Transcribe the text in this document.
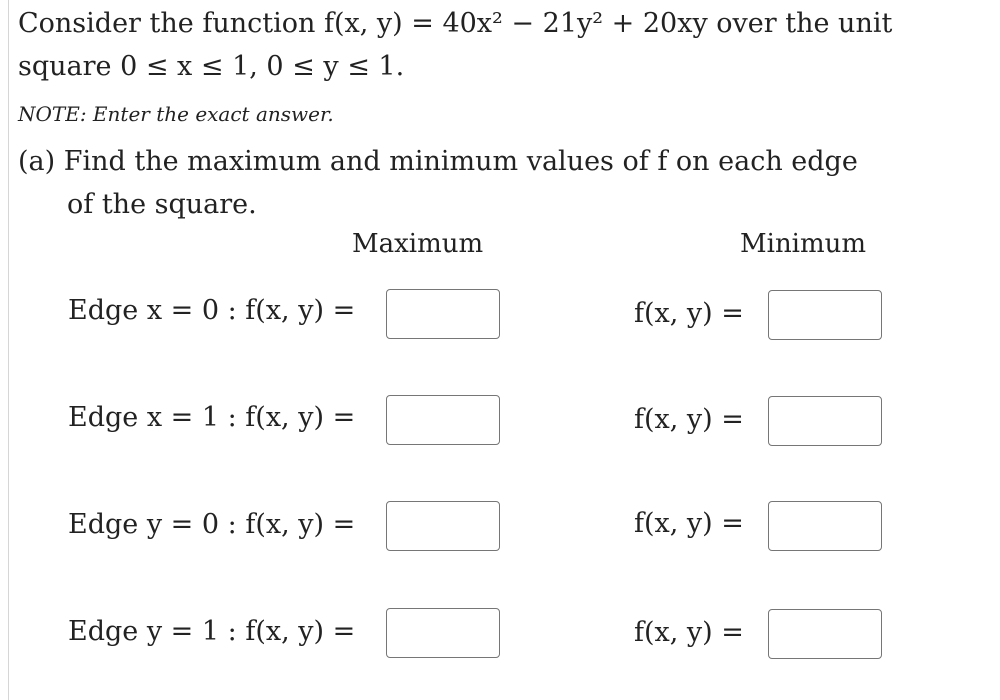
Consider the function f(x, y) = 40x² − 21y² + 20xy over the unit
square 0 ≤ x ≤ 1, 0 ≤ y ≤ 1.
NOTE: Enter the exact answer.
(a) Find the maximum and minimum values of f on each edge
of the square.
Maximum	Minimum
Edge x = 0 : f(x, y) =	f(x, y) =
Edge x = 1 : f(x, y) =	f(x, y) =
Edge y = 0 : f(x, y) =	f(x, y) =
Edge y = 1 : f(x, y) =	f(x, y) =
